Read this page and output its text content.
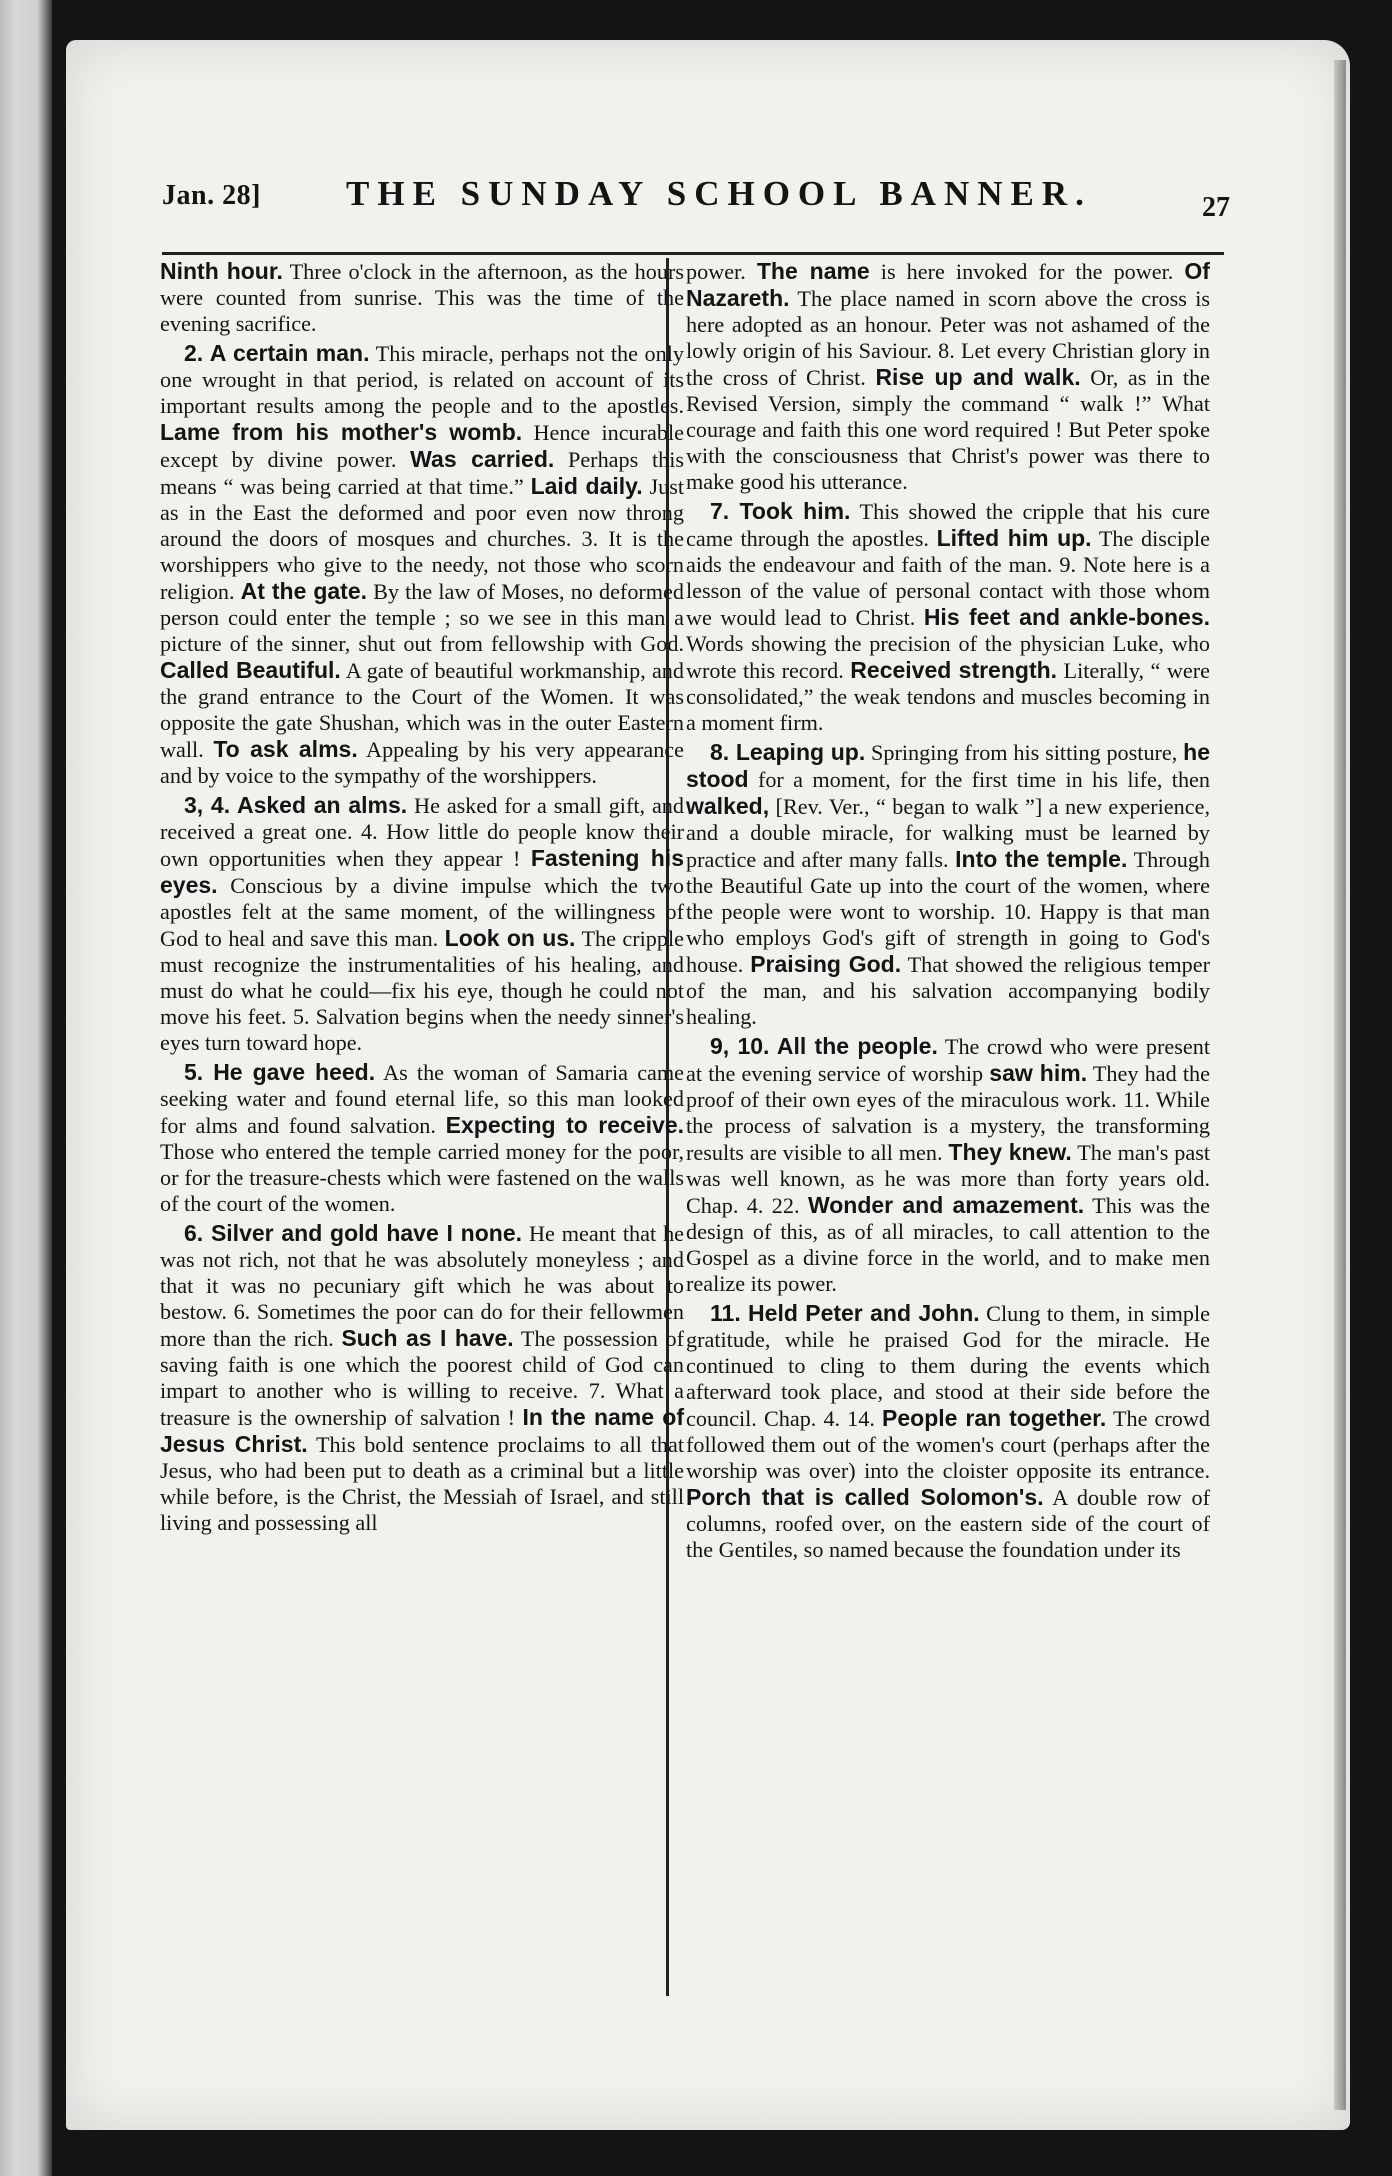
Jan. 28] THE SUNDAY SCHOOL BANNER.	27

Ninth hour. Three o'clock in the afternoon, as the hours were counted from sunrise. This was the time of the evening sacrifice.

2. A certain man. This miracle, perhaps not the only one wrought in that period, is related on account of its important results among the people and to the apostles. Lame from his mother's womb. Hence incurable except by divine power. Was carried. Perhaps this means “ was being carried at that time.” Laid daily. Just as in the East the deformed and poor even now throng around the doors of mosques and churches. 3. It is the worshippers who give to the needy, not those who scorn religion. At the gate. By the law of Moses, no deformed person could enter the temple ; so we see in this man a picture of the sinner, shut out from fellowship with God. Called Beautiful. A gate of beautiful workmanship, and the grand entrance to the Court of the Women. It was opposite the gate Shushan, which was in the outer Eastern wall. To ask alms. Appealing by his very appearance and by voice to the sympathy of the worshippers.

3, 4. Asked an alms. He asked for a small gift, and received a great one. 4. How little do people know their own opportunities when they appear ! Fastening his eyes. Conscious by a divine impulse which the two apostles felt at the same moment, of the willingness of God to heal and save this man. Look on us. The cripple must recognize the instrumentalities of his healing, and must do what he could—fix his eye, though he could not move his feet. 5. Salvation begins when the needy sinner's eyes turn toward hope.

5. He gave heed. As the woman of Samaria came seeking water and found eternal life, so this man looked for alms and found salvation. Expecting to receive. Those who entered the temple carried money for the poor, or for the treasure-chests which were fastened on the walls of the court of the women.

6. Silver and gold have I none. He meant that he was not rich, not that he was absolutely moneyless ; and that it was no pecuniary gift which he was about to bestow. 6. Sometimes the poor can do for their fellowmen more than the rich. Such as I have. The possession of saving faith is one which the poorest child of God can impart to another who is willing to receive. 7. What a treasure is the ownership of salvation ! In the name of Jesus Christ. This bold sentence proclaims to all that Jesus, who had been put to death as a criminal but a little while before, is the Christ, the Messiah of Israel, and still living and possessing all

power. The name is here invoked for the power. Of Nazareth. The place named in scorn above the cross is here adopted as an honour. Peter was not ashamed of the lowly origin of his Saviour. 8. Let every Christian glory in the cross of Christ. Rise up and walk. Or, as in the Revised Version, simply the command “ walk !” What courage and faith this one word required ! But Peter spoke with the consciousness that Christ's power was there to make good his utterance.

7. Took him. This showed the cripple that his cure came through the apostles. Lifted him up. The disciple aids the endeavour and faith of the man. 9. Note here is a lesson of the value of personal contact with those whom we would lead to Christ. His feet and ankle-bones. Words showing the precision of the physician Luke, who wrote this record. Received strength. Literally, “ were consolidated,” the weak tendons and muscles becoming in a moment firm.

8. Leaping up. Springing from his sitting posture, he stood for a moment, for the first time in his life, then walked, [Rev. Ver., “ began to walk ”] a new experience, and a double miracle, for walking must be learned by practice and after many falls. Into the temple. Through the Beautiful Gate up into the court of the women, where the people were wont to worship. 10. Happy is that man who employs God's gift of strength in going to God's house. Praising God. That showed the religious temper of the man, and his salvation accompanying bodily healing.

9, 10. All the people. The crowd who were present at the evening service of worship saw him. They had the proof of their own eyes of the miraculous work. 11. While the process of salvation is a mystery, the transforming results are visible to all men. They knew. The man's past was well known, as he was more than forty years old. Chap. 4. 22. Wonder and amazement. This was the design of this, as of all miracles, to call attention to the Gospel as a divine force in the world, and to make men realize its power.

11. Held Peter and John. Clung to them, in simple gratitude, while he praised God for the miracle. He continued to cling to them during the events which afterward took place, and stood at their side before the council. Chap. 4. 14. People ran together. The crowd followed them out of the women's court (perhaps after the worship was over) into the cloister opposite its entrance. Porch that is called Solomon's. A double row of columns, roofed over, on the eastern side of the court of the Gentiles, so named because the foundation under its
